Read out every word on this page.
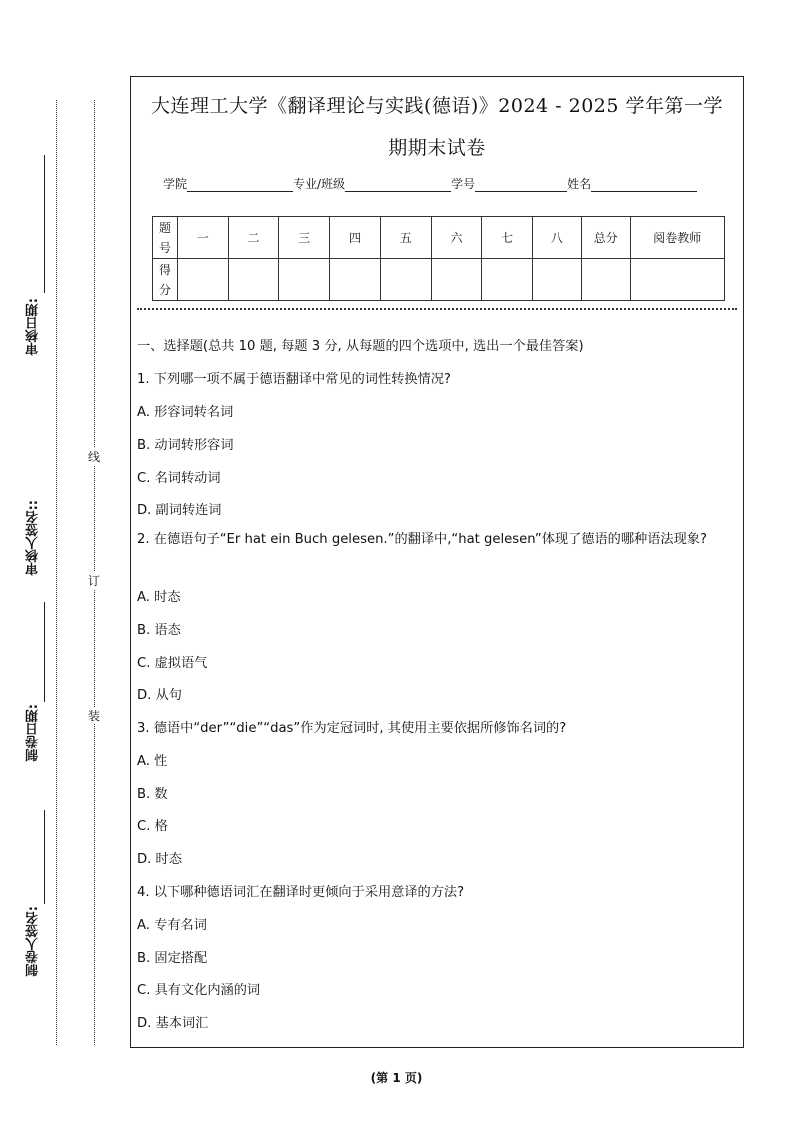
审核日期:
审核人签名::
制卷日期:
制卷人签名:
线
订
装
大连理工大学《翻译理论与实践(德语)》2024 - 2025 学年第一学
期期末试卷
学院	专业/班级	学号	姓名
题号	一	二	三	四	五	六	七	八	总分	阅卷教师
得分										
一、选择题(总共 10 题, 每题 3 分, 从每题的四个选项中, 选出一个最佳答案)
1. 下列哪一项不属于德语翻译中常见的词性转换情况?
A. 形容词转名词
B. 动词转形容词
C. 名词转动词
D. 副词转连词
2. 在德语句子“Er hat ein Buch gelesen.”的翻译中,“hat gelesen”体现了德语的哪种语法现象?
A. 时态
B. 语态
C. 虚拟语气
D. 从句
3. 德语中“der”“die”“das”作为定冠词时, 其使用主要依据所修饰名词的?
A. 性
B. 数
C. 格
D. 时态
4. 以下哪种德语词汇在翻译时更倾向于采用意译的方法?
A. 专有名词
B. 固定搭配
C. 具有文化内涵的词
D. 基本词汇
(第 1 页)
